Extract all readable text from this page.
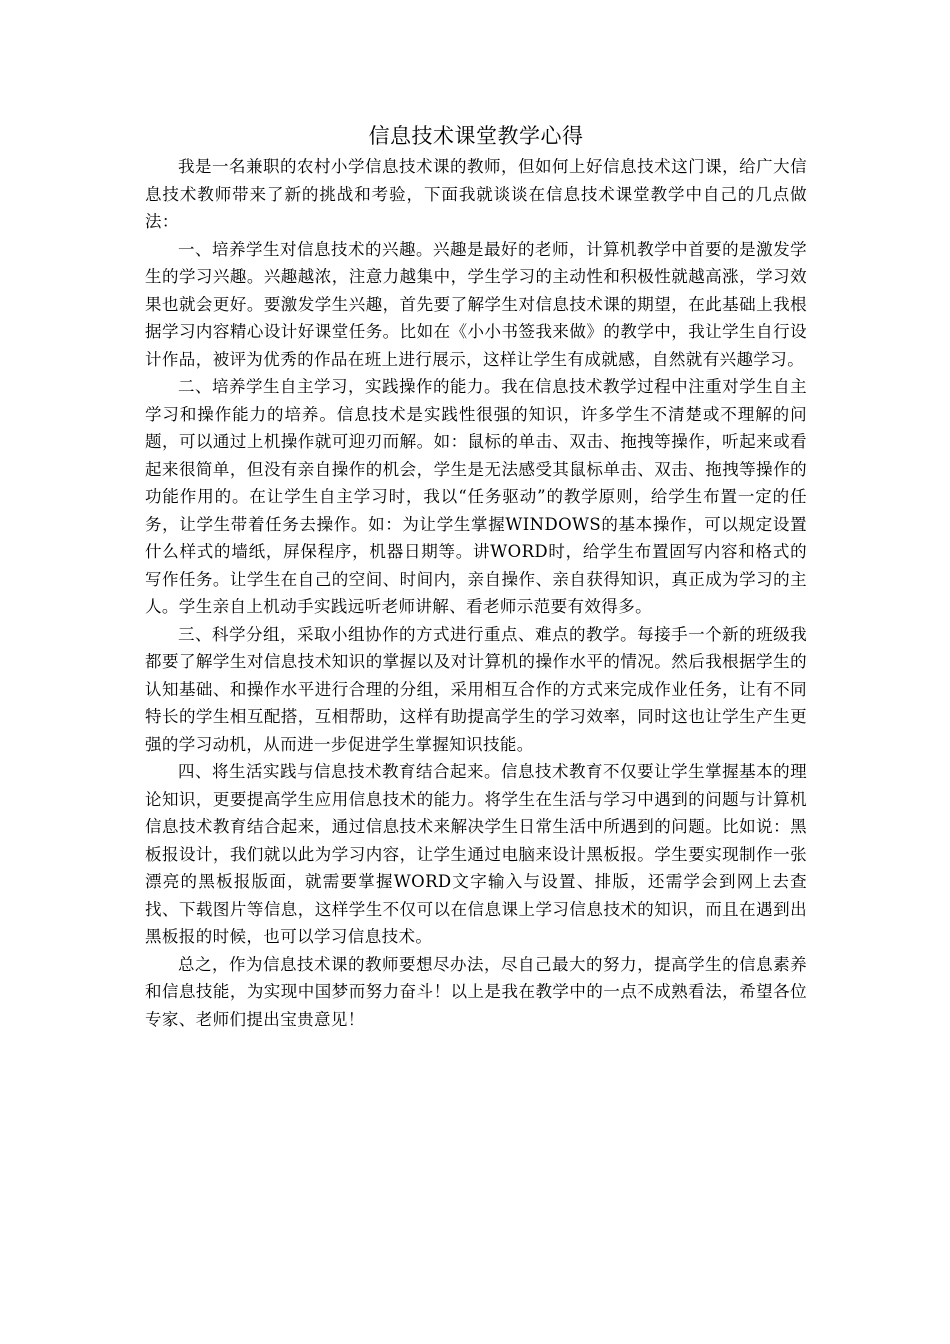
信息技术课堂教学心得

我是一名兼职的农村小学信息技术课的教师，但如何上好信息技术这门课，给广大信息技术教师带来了新的挑战和考验，下面我就谈谈在信息技术课堂教学中自己的几点做法：

一、培养学生对信息技术的兴趣。兴趣是最好的老师，计算机教学中首要的是激发学生的学习兴趣。兴趣越浓，注意力越集中，学生学习的主动性和积极性就越高涨，学习效果也就会更好。要激发学生兴趣，首先要了解学生对信息技术课的期望，在此基础上我根据学习内容精心设计好课堂任务。比如在《小小书签我来做》的教学中，我让学生自行设计作品，被评为优秀的作品在班上进行展示，这样让学生有成就感，自然就有兴趣学习。

二、培养学生自主学习，实践操作的能力。我在信息技术教学过程中注重对学生自主学习和操作能力的培养。信息技术是实践性很强的知识，许多学生不清楚或不理解的问题，可以通过上机操作就可迎刃而解。如：鼠标的单击、双击、拖拽等操作，听起来或看起来很简单，但没有亲自操作的机会，学生是无法感受其鼠标单击、双击、拖拽等操作的功能作用的。在让学生自主学习时，我以“任务驱动”的教学原则，给学生布置一定的任务，让学生带着任务去操作。如：为让学生掌握WINDOWS的基本操作，可以规定设置什么样式的墙纸，屏保程序，机器日期等。讲WORD时，给学生布置固写内容和格式的写作任务。让学生在自己的空间、时间内，亲自操作、亲自获得知识，真正成为学习的主人。学生亲自上机动手实践远听老师讲解、看老师示范要有效得多。

三、科学分组，采取小组协作的方式进行重点、难点的教学。每接手一个新的班级我都要了解学生对信息技术知识的掌握以及对计算机的操作水平的情况。然后我根据学生的认知基础、和操作水平进行合理的分组，采用相互合作的方式来完成作业任务，让有不同特长的学生相互配搭，互相帮助，这样有助提高学生的学习效率，同时这也让学生产生更强的学习动机，从而进一步促进学生掌握知识技能。

四、将生活实践与信息技术教育结合起来。信息技术教育不仅要让学生掌握基本的理论知识，更要提高学生应用信息技术的能力。将学生在生活与学习中遇到的问题与计算机信息技术教育结合起来，通过信息技术来解决学生日常生活中所遇到的问题。比如说：黑板报设计，我们就以此为学习内容，让学生通过电脑来设计黑板报。学生要实现制作一张漂亮的黑板报版面，就需要掌握WORD文字输入与设置、排版，还需学会到网上去查找、下载图片等信息，这样学生不仅可以在信息课上学习信息技术的知识，而且在遇到出黑板报的时候，也可以学习信息技术。

总之，作为信息技术课的教师要想尽办法，尽自己最大的努力，提高学生的信息素养和信息技能，为实现中国梦而努力奋斗！以上是我在教学中的一点不成熟看法，希望各位专家、老师们提出宝贵意见！
